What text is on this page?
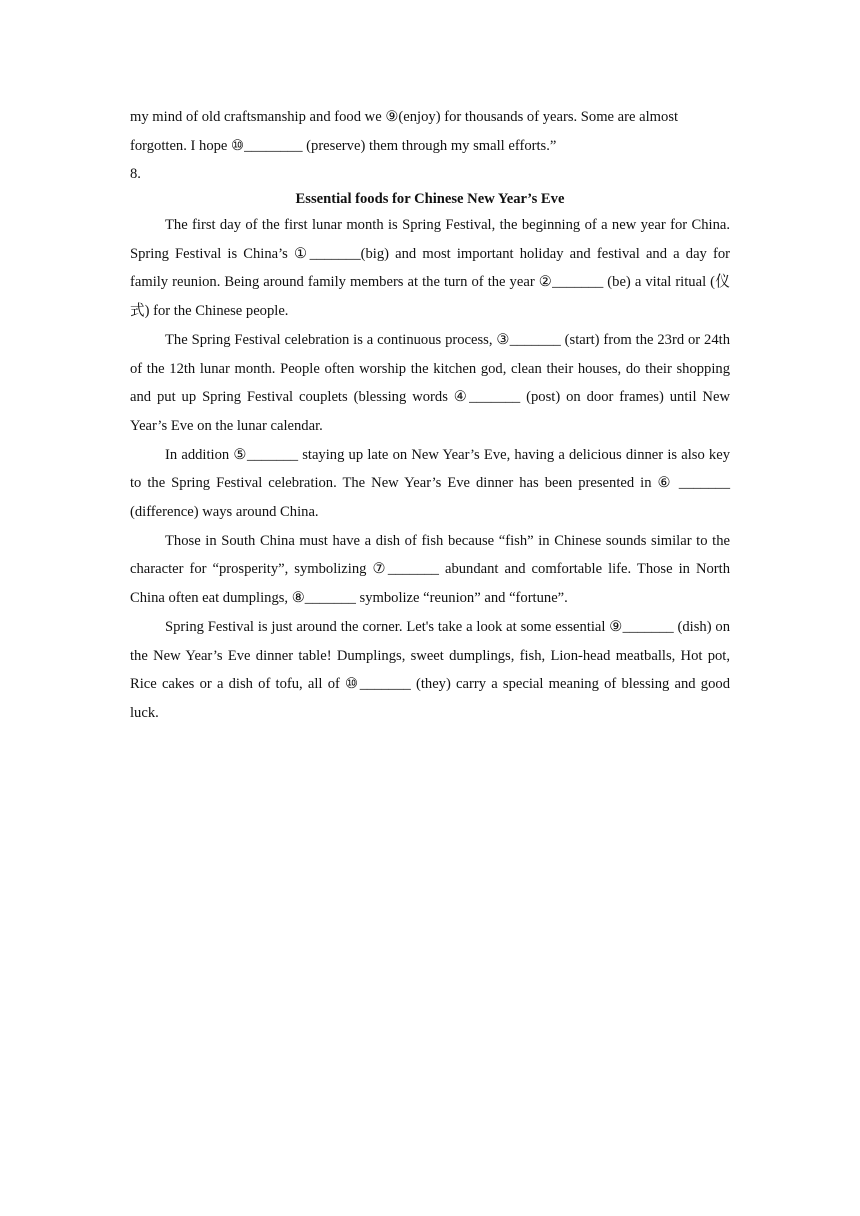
my mind of old craftsmanship and food we ⑨(enjoy) for thousands of years. Some are almost

forgotten. I hope ⑩________ (preserve) them through my small efforts.”

8.

Essential foods for Chinese New Year’s Eve

The first day of the first lunar month is Spring Festival, the beginning of a new year for China. Spring Festival is China’s ①_______(big) and most important holiday and festival and a day for family reunion. Being around family members at the turn of the year ②_______ (be) a vital ritual (仪式) for the Chinese people.

The Spring Festival celebration is a continuous process, ③_______ (start) from the 23rd or 24th of the 12th lunar month. People often worship the kitchen god, clean their houses, do their shopping and put up Spring Festival couplets (blessing words ④_______ (post) on door frames) until New Year’s Eve on the lunar calendar.

In addition ⑤_______ staying up late on New Year’s Eve, having a delicious dinner is also key to the Spring Festival celebration. The New Year’s Eve dinner has been presented in ⑥ _______ (difference) ways around China.

Those in South China must have a dish of fish because “fish” in Chinese sounds similar to the character for “prosperity”, symbolizing ⑦_______ abundant and comfortable life. Those in North China often eat dumplings, ⑧_______ symbolize “reunion” and “fortune”.

Spring Festival is just around the corner. Let's take a look at some essential ⑨_______ (dish) on the New Year’s Eve dinner table! Dumplings, sweet dumplings, fish, Lion-head meatballs, Hot pot, Rice cakes or a dish of tofu, all of ⑩_______ (they) carry a special meaning of blessing and good luck.
